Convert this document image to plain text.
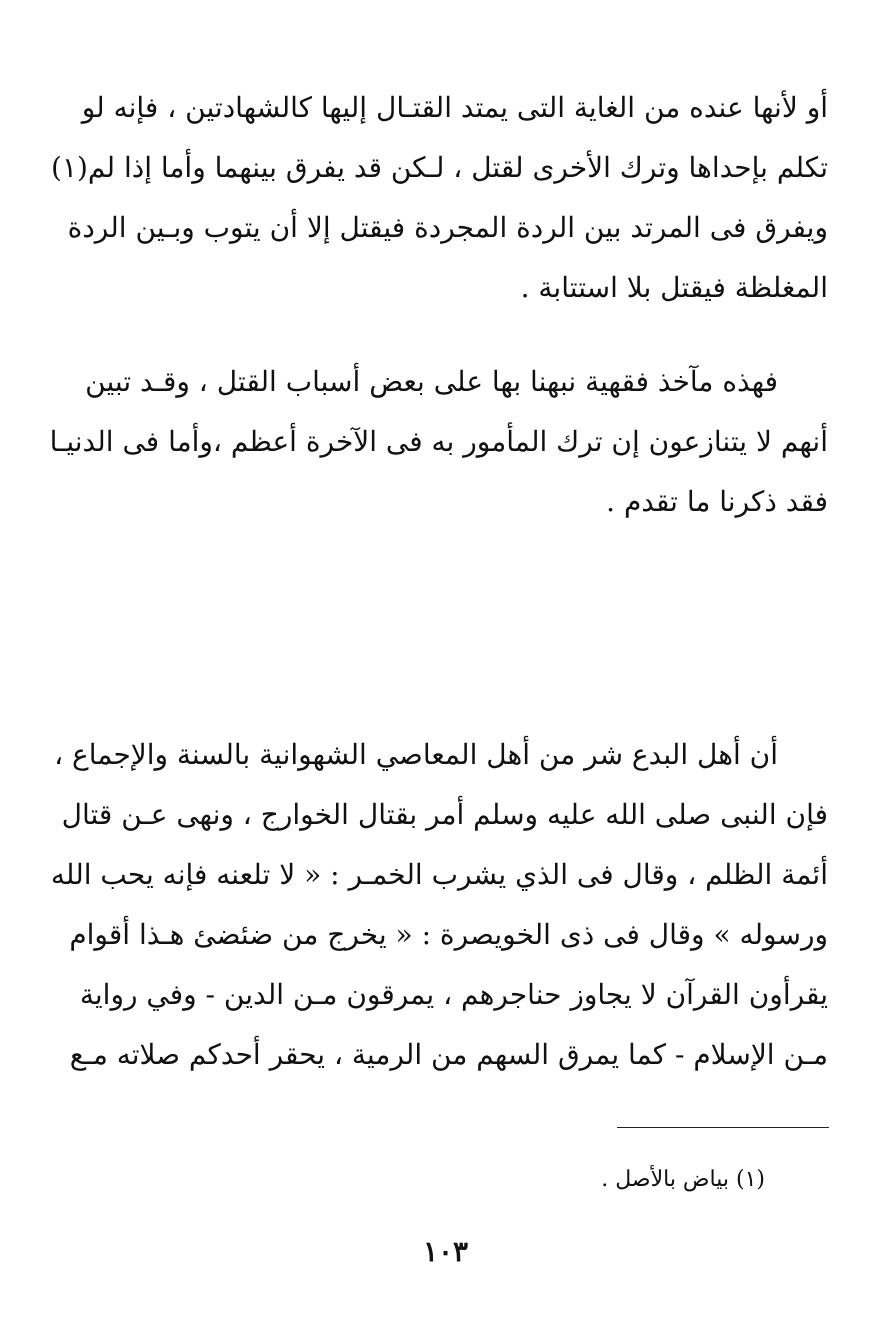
أو لأنها عنده من الغاية التى يمتد القتـال إليها كالشهادتين ، فإنه لو
تكلم بإحداها وترك الأخرى لقتل ، لـكن قد يفرق بينهما وأما إذا لم(١)
ويفرق فى المرتد بين الردة المجردة فيقتل إلا أن يتوب وبـين الردة
المغلظة فيقتل بلا استتابة .
فهذه مآخذ فقهية نبهنا بها على بعض أسباب القتل ، وقـد تبين
أنهم لا يتنازعون إن ترك المأمور به فى الآخرة أعظم ،وأما فى الدنيـا
فقد ذكرنا ما تقدم .
أن أهل البدع شر من أهل المعاصي الشهوانية بالسنة والإجماع ،
فإن النبى صلى الله عليه وسلم أمر بقتال الخوارج ، ونهى عـن قتال
أئمة الظلم ، وقال فى الذي يشرب الخمـر : « لا تلعنه فإنه يحب الله
ورسوله » وقال فى ذى الخويصرة : « يخرج من ضئضئ هـذا أقوام
يقرأون القرآن لا يجاوز حناجرهم ، يمرقون مـن الدين - وفي رواية
مـن الإسلام - كما يمرق السهم من الرمية ، يحقر أحدكم صلاته مـع
(١) بياض بالأصل .
١٠٣
